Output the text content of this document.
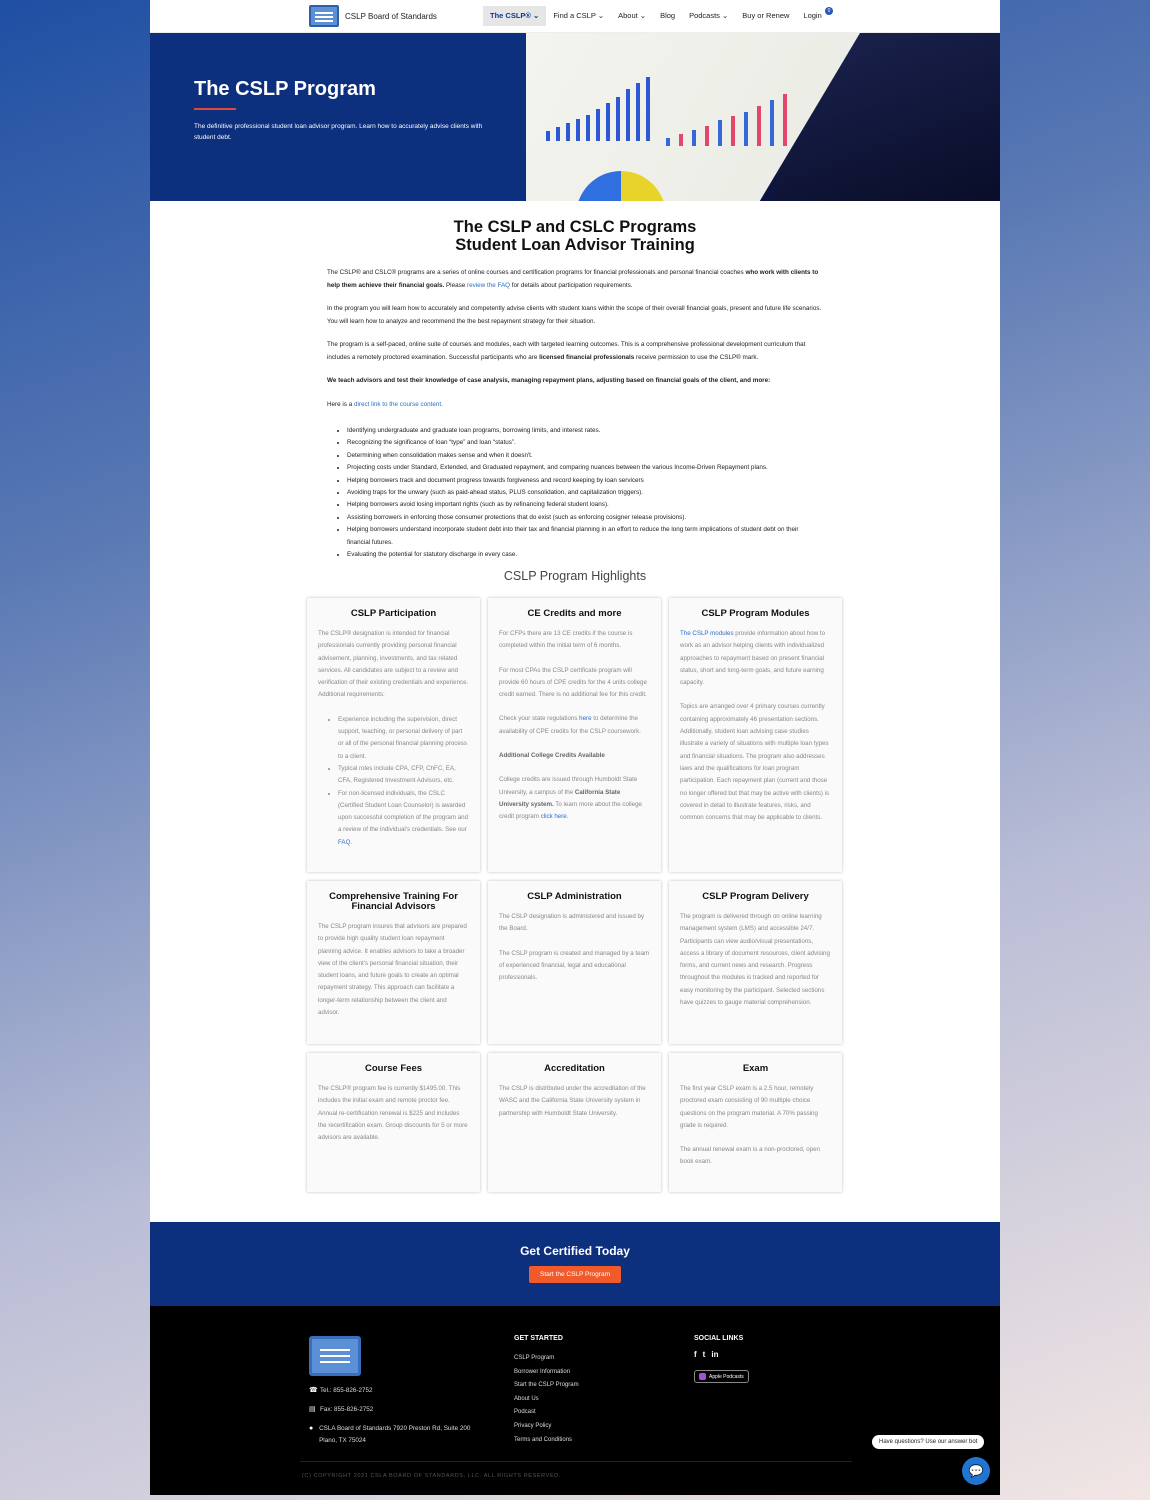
CSLP Board of Standards	The CSLP® ⌄	Find a CSLP ⌄	About ⌄	Blog	Podcasts ⌄	Buy or Renew	Login	0
The CSLP Program
The definitive professional student loan advisor program. Learn how to accurately advise clients with student debt.
The CSLP and CSLC Programs
Student Loan Advisor Training

The CSLP® and CSLC® programs are a series of online courses and certification programs for financial professionals and personal financial coaches who work with clients to help them achieve their financial goals. Please review the FAQ for details about participation requirements.

In the program you will learn how to accurately and competently advise clients with student loans within the scope of their overall financial goals, present and future life scenarios. You will learn how to analyze and recommend the the best repayment strategy for their situation.

The program is a self-paced, online suite of courses and modules, each with targeted learning outcomes. This is a comprehensive professional development curriculum that includes a remotely proctored examination. Successful participants who are licensed financial professionals receive permission to use the CSLP® mark.

We teach advisors and test their knowledge of case analysis, managing repayment plans, adjusting based on financial goals of the client, and more:

Here is a direct link to the course content.

• Identifying undergraduate and graduate loan programs, borrowing limits, and interest rates.
• Recognizing the significance of loan “type” and loan “status”.
• Determining when consolidation makes sense and when it doesn't.
• Projecting costs under Standard, Extended, and Graduated repayment, and comparing nuances between the various Income-Driven Repayment plans.
• Helping borrowers track and document progress towards forgiveness and record keeping by loan servicers
• Avoiding traps for the unwary (such as paid-ahead status, PLUS consolidation, and capitalization triggers).
• Helping borrowers avoid losing important rights (such as by refinancing federal student loans).
• Assisting borrowers in enforcing those consumer protections that do exist (such as enforcing cosigner release provisions).
• Helping borrowers understand incorporate student debt into their tax and financial planning in an effort to reduce the long term implications of student debt on their financial futures.
• Evaluating the potential for statutory discharge in every case.
CSLP Program Highlights
CSLP Participation

The CSLP® designation is intended for financial professionals currently providing personal financial advisement, planning, investments, and tax related services. All candidates are subject to a review and verification of their existing credentials and experience. Additional requirements:

• Experience including the supervision, direct support, teaching, or personal delivery of part or all of the personal financial planning process to a client.
• Typical roles include CPA, CFP, ChFC, EA, CFA, Registered Investment Advisors, etc.
• For non-licensed individuals, the CSLC (Certified Student Loan Counselor) is awarded upon successful completion of the program and a review of the individual's credentials. See our FAQ.
CE Credits and more

For CFPs there are 13 CE credits if the course is completed within the initial term of 6 months.

For most CPAs the CSLP certificate program will provide 60 hours of CPE credits for the 4 units college credit earned. There is no additional fee for this credit.

Check your state regulations here to determine the availability of CPE credits for the CSLP coursework.

Additional College Credits Available

College credits are issued through Humboldt State University, a campus of the California State University system. To learn more about the college credit program click here.

CSLP Program Modules

The CSLP modules provide information about how to work as an advisor helping clients with individualized approaches to repayment based on present financial status, short and long-term goals, and future earning capacity.

Topics are arranged over 4 primary courses currently containing approximately 46 presentation sections. Additionally, student loan advising case studies illustrate a variety of situations with multiple loan types and financial situations. The program also addresses laws and the qualifications for loan program participation. Each repayment plan (current and those no longer offered but that may be active with clients) is covered in detail to illustrate features, risks, and common concerns that may be applicable to clients.

Comprehensive Training For Financial Advisors

The CSLP program insures that advisors are prepared to provide high quality student loan repayment planning advice. It enables advisors to take a broader view of the client's personal financial situation, their student loans, and future goals to create an optimal repayment strategy. This approach can facilitate a longer-term relationship between the client and advisor.

CSLP Administration

The CSLP designation is administered and issued by the Board.

The CSLP program is created and managed by a team of experienced financial, legal and educational professionals.

CSLP Program Delivery

The program is delivered through on online learning management system (LMS) and accessible 24/7. Participants can view audio/visual presentations, access a library of document resources, client advising forms, and current news and research. Progress throughout the modules is tracked and reported for easy monitoring by the participant. Selected sections have quizzes to gauge material comprehension.

Course Fees

The CSLP® program fee is currently $1495.00. This includes the initial exam and remote proctor fee. Annual re-certification renewal is $225 and includes the recertification exam. Group discounts for 5 or more advisors are available.

Accreditation

The CSLP is distributed under the accreditation of the WASC and the California State University system in partnership with Humboldt State University.

Exam

The first year CSLP exam is a 2.5 hour, remotely proctored exam consisting of 90 multiple choice questions on the program material. A 70% passing grade is required.

The annual renewal exam is a non-proctored, open book exam.

Get Certified Today
Start the CSLP Program
☎ Tel.: 855-826-2752
▤ Fax: 855-826-2752
● CSLA Board of Standards 7920 Preston Rd, Suite 200 Plano, TX 75024
GET STARTED
CSLP Program
Borrower Information
Start the CSLP Program
About Us
Podcast
Privacy Policy
Terms and Conditions
SOCIAL LINKS
f t in
Apple Podcasts
(C) COPYRIGHT 2021 CSLA BOARD OF STANDARDS, LLC. ALL RIGHTS RESERVED.
Have questions? Use our answer bot
💬
